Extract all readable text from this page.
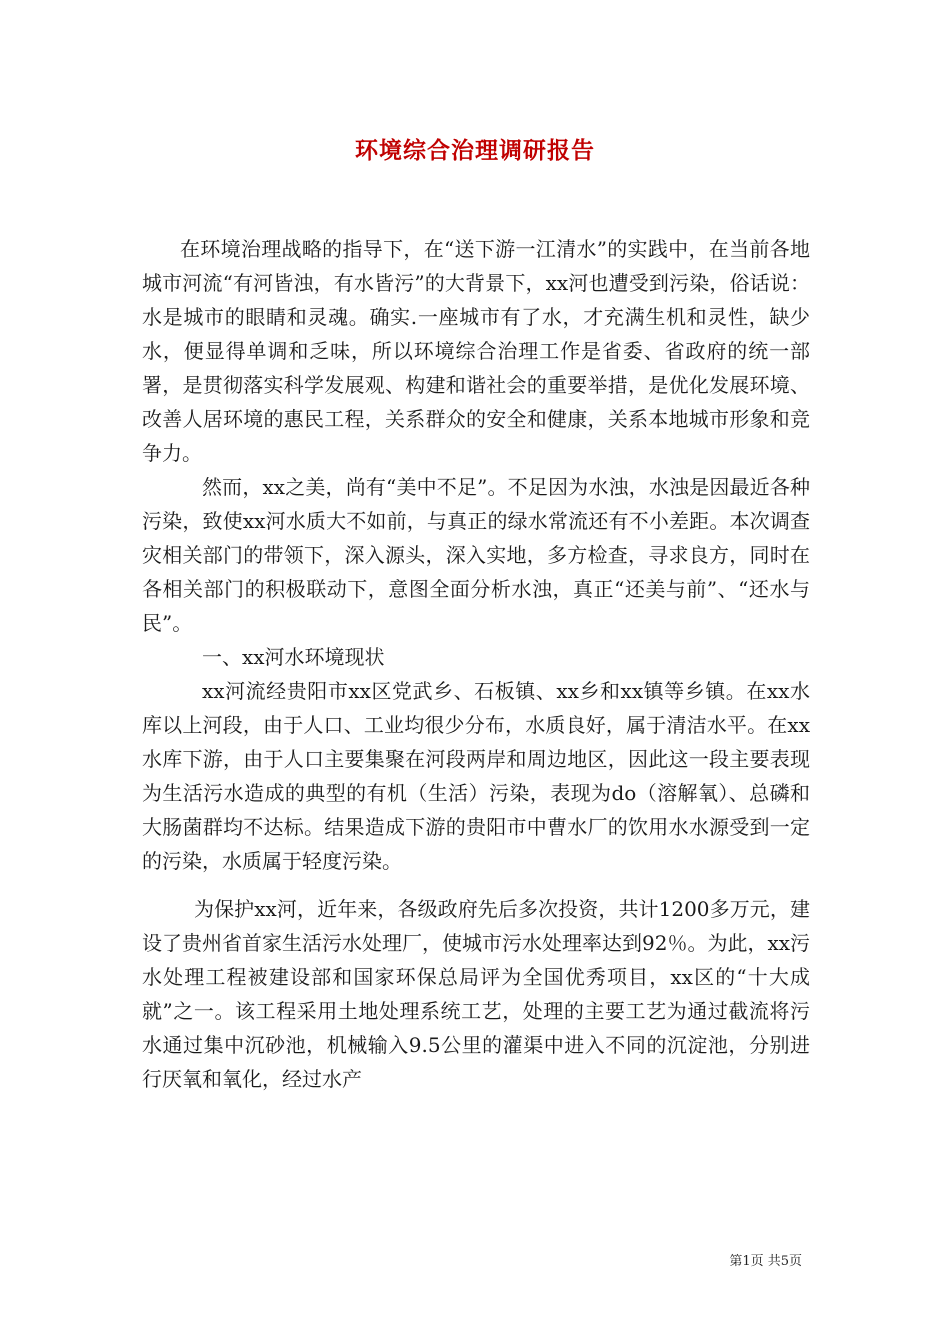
环境综合治理调研报告

在环境治理战略的指导下，在“送下游一江清水”的实践中，在当前各地城市河流“有河皆浊，有水皆污”的大背景下，xx河也遭受到污染，俗话说：水是城市的眼睛和灵魂。确实.一座城市有了水，才充满生机和灵性，缺少水，便显得单调和乏味，所以环境综合治理工作是省委、省政府的统一部署，是贯彻落实科学发展观、构建和谐社会的重要举措，是优化发展环境、改善人居环境的惠民工程，关系群众的安全和健康，关系本地城市形象和竞争力。

然而，xx之美，尚有“美中不足”。不足因为水浊，水浊是因最近各种污染，致使xx河水质大不如前，与真正的绿水常流还有不小差距。本次调查灾相关部门的带领下，深入源头，深入实地，多方检查，寻求良方，同时在各相关部门的积极联动下，意图全面分析水浊，真正“还美与前”、“还水与民”。

一、xx河水环境现状

xx河流经贵阳市xx区党武乡、石板镇、xx乡和xx镇等乡镇。在xx水库以上河段，由于人口、工业均很少分布，水质良好，属于清洁水平。在xx水库下游，由于人口主要集聚在河段两岸和周边地区，因此这一段主要表现为生活污水造成的典型的有机（生活）污染，表现为do（溶解氧）、总磷和大肠菌群均不达标。结果造成下游的贵阳市中曹水厂的饮用水水源受到一定的污染，水质属于轻度污染。

为保护xx河，近年来，各级政府先后多次投资，共计1200多万元，建设了贵州省首家生活污水处理厂，使城市污水处理率达到92％。为此，xx污水处理工程被建设部和国家环保总局评为全国优秀项目，xx区的“十大成就”之一。该工程采用土地处理系统工艺，处理的主要工艺为通过截流将污水通过集中沉砂池，机械输入9.5公里的灌渠中进入不同的沉淀池，分别进行厌氧和氧化，经过水产

第1页 共5页
